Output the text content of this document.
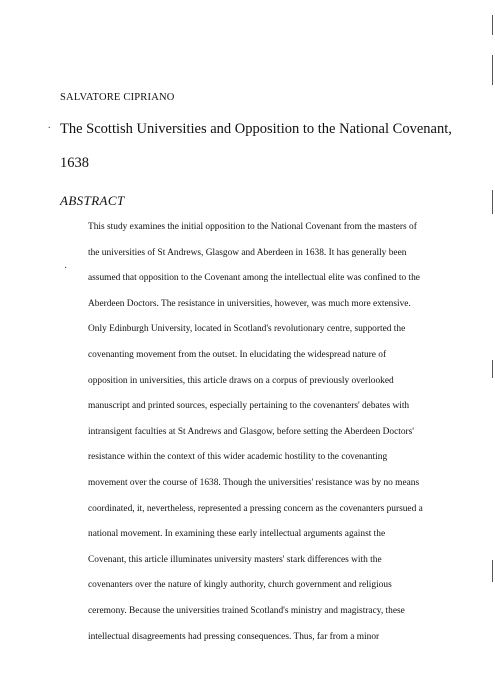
SALVATORE CIPRIANO
The Scottish Universities and Opposition to the National Covenant, 1638
ABSTRACT
This study examines the initial opposition to the National Covenant from the masters of
the universities of St Andrews, Glasgow and Aberdeen in 1638. It has generally been
assumed that opposition to the Covenant among the intellectual elite was confined to the
Aberdeen Doctors. The resistance in universities, however, was much more extensive.
Only Edinburgh University, located in Scotland's revolutionary centre, supported the
covenanting movement from the outset. In elucidating the widespread nature of
opposition in universities, this article draws on a corpus of previously overlooked
manuscript and printed sources, especially pertaining to the covenanters' debates with
intransigent faculties at St Andrews and Glasgow, before setting the Aberdeen Doctors'
resistance within the context of this wider academic hostility to the covenanting
movement over the course of 1638. Though the universities' resistance was by no means
coordinated, it, nevertheless, represented a pressing concern as the covenanters pursued a
national movement. In examining these early intellectual arguments against the
Covenant, this article illuminates university masters' stark differences with the
covenanters over the nature of kingly authority, church government and religious
ceremony. Because the universities trained Scotland's ministry and magistracy, these
intellectual disagreements had pressing consequences. Thus, far from a minor
.
·
